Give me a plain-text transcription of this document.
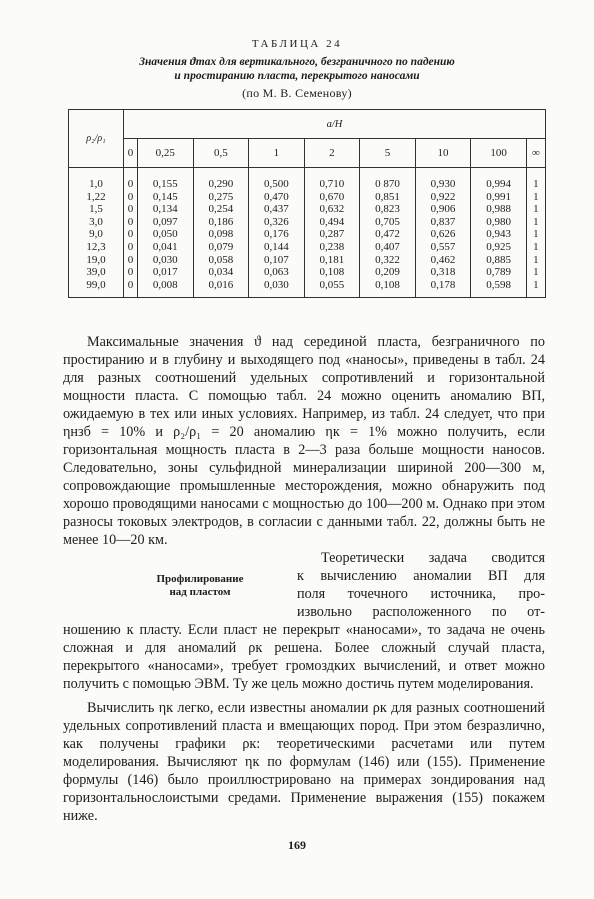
ТАБЛИЦА 24
Значения ϑmax для вертикального, безграничного по падению
и простиранию пласта, перекрытого наносами
(по М. В. Семенову)
ρ₂/ρ₁	a/H								
	0	0,25	0,5	1	2	5	10	100	∞
1,0	0	0,155	0,290	0,500	0,710	0 870	0,930	0,994	1
1,22	0	0,145	0,275	0,470	0,670	0,851	0,922	0,991	1
1,5	0	0,134	0,254	0,437	0,632	0,823	0,906	0,988	1
3,0	0	0,097	0,186	0,326	0,494	0,705	0,837	0,980	1
9,0	0	0,050	0,098	0,176	0,287	0,472	0,626	0,943	1
12,3	0	0,041	0,079	0,144	0,238	0,407	0,557	0,925	1
19,0	0	0,030	0,058	0,107	0,181	0,322	0,462	0,885	1
39,0	0	0,017	0,034	0,063	0,108	0,209	0,318	0,789	1
99,0	0	0,008	0,016	0,030	0,055	0,108	0,178	0,598	1

Максимальные значения ϑ над серединой пласта, безграничного по простиранию и в глубину и выходящего под «наносы», приведены в табл. 24 для разных соотношений удельных сопротивлений и горизонтальной мощности пласта. С помощью табл. 24 можно оценить аномалию ВП, ожидаемую в тех или иных условиях. Например, из табл. 24 следует, что при ηнзб = 10% и ρ₂/ρ₁ = 20 аномалию ηк = 1% можно получить, если горизонтальная мощность пласта в 2—3 раза больше мощности наносов. Следовательно, зоны сульфидной минерализации шириной 200—300 м, сопровождающие промышленные месторождения, можно обнаружить под хорошо проводящими наносами с мощностью до 100—200 м. Однако при этом разносы токовых электродов, в согласии с данными табл. 22, должны быть не менее 10—20 км.

Профилирование
над пластом
Теоретически задача сводится
к вычислению аномалии ВП для
поля точечного источника, про-
извольно расположенного по от-

ношению к пласту. Если пласт не перекрыт «наносами», то задача не очень сложная и для аномалий ρк решена. Более сложный случай пласта, перекрытого «наносами», требует громоздких вычислений, и ответ можно получить с помощью ЭВМ. Ту же цель можно достичь путем моделирования.

Вычислить ηк легко, если известны аномалии ρк для разных соотношений удельных сопротивлений пласта и вмещающих пород. При этом безразлично, как получены графики ρк: теоретическими расчетами или путем моделирования. Вычисляют ηк по формулам (146) или (155). Применение формулы (146) было проиллюстрировано на примерах зондирования над горизонтальнослоистыми средами. Применение выражения (155) покажем ниже.

169
